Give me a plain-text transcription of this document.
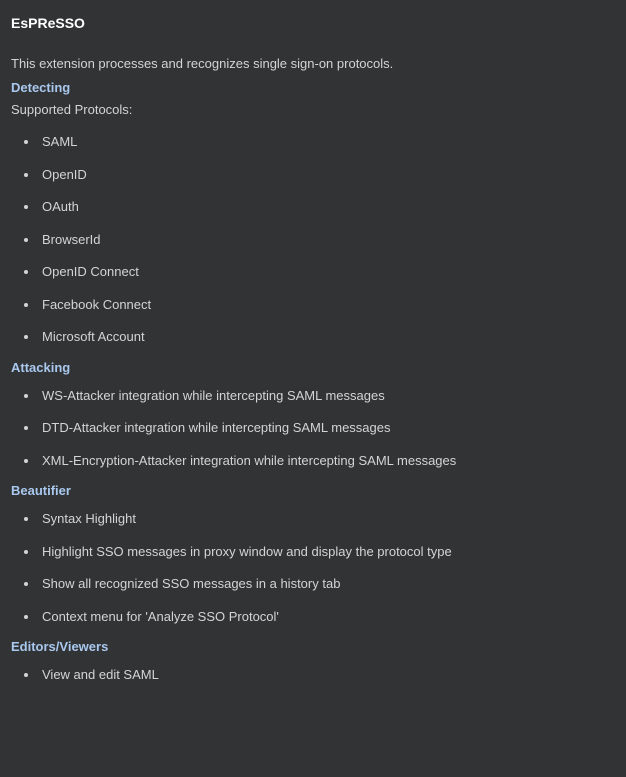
EsPReSSO

This extension processes and recognizes single sign-on protocols.

Detecting

Supported Protocols:

SAML
OpenID
OAuth
BrowserId
OpenID Connect
Facebook Connect
Microsoft Account
Attacking
WS-Attacker integration while intercepting SAML messages
DTD-Attacker integration while intercepting SAML messages
XML-Encryption-Attacker integration while intercepting SAML messages
Beautifier
Syntax Highlight
Highlight SSO messages in proxy window and display the protocol type
Show all recognized SSO messages in a history tab
Context menu for 'Analyze SSO Protocol'
Editors/Viewers
View and edit SAML
